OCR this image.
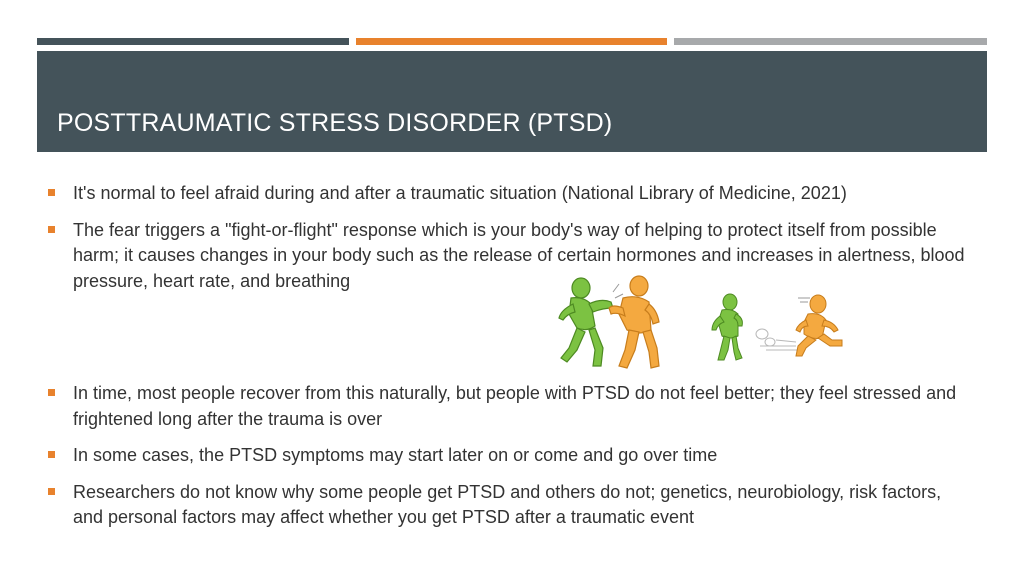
POSTTRAUMATIC STRESS DISORDER (PTSD)
It's normal to feel afraid during and after a traumatic situation (National Library of Medicine, 2021)
The fear triggers a "fight-or-flight" response which is your body's way of helping to protect itself from possible harm; it causes changes in your body such as the release of certain hormones and increases in alertness, blood pressure, heart rate, and breathing
In time, most people recover from this naturally, but people with PTSD do not feel better; they feel stressed and frightened long after the trauma is over
In some cases, the PTSD symptoms may start later on or come and go over time
Researchers do not know why some people get PTSD and others do not; genetics, neurobiology, risk factors, and personal factors may affect whether you get PTSD after a traumatic event
